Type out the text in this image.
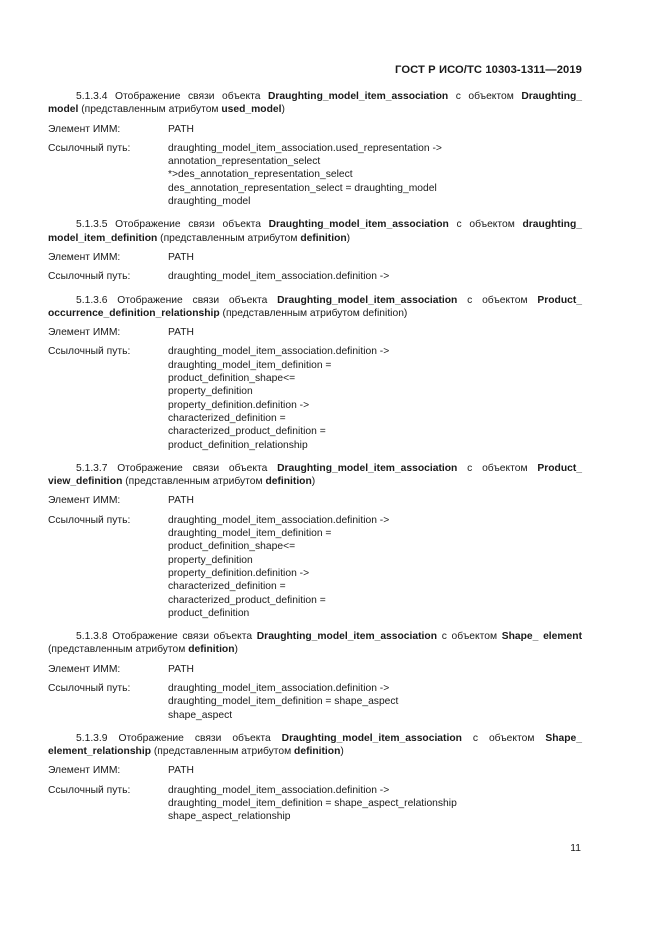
ГОСТ Р ИСО/ТС 10303-1311—2019
5.1.3.4 Отображение связи объекта Draughting_model_item_association с объектом Draughting_ model (представленным атрибутом used_model)
Элемент ИММ:	PATH
Ссылочный путь:	draughting_model_item_association.used_representation ->
annotation_representation_select
*>des_annotation_representation_select
des_annotation_representation_select = draughting_model
draughting_model
5.1.3.5 Отображение связи объекта Draughting_model_item_association с объектом draughting_ model_item_definition (представленным атрибутом definition)
Элемент ИММ:	PATH
Ссылочный путь:	draughting_model_item_association.definition ->
5.1.3.6 Отображение связи объекта Draughting_model_item_association с объектом Product_ occurrence_definition_relationship (представленным атрибутом definition)
Элемент ИММ:	PATH
Ссылочный путь:	draughting_model_item_association.definition ->
draughting_model_item_definition =
product_definition_shape<=
property_definition
property_definition.definition ->
characterized_definition =
characterized_product_definition =
product_definition_relationship
5.1.3.7 Отображение связи объекта Draughting_model_item_association с объектом Product_ view_definition (представленным атрибутом definition)
Элемент ИММ:	PATH
Ссылочный путь:	draughting_model_item_association.definition ->
draughting_model_item_definition =
product_definition_shape<=
property_definition
property_definition.definition ->
characterized_definition =
characterized_product_definition =
product_definition
5.1.3.8 Отображение связи объекта Draughting_model_item_association с объектом Shape_ element (представленным атрибутом definition)
Элемент ИММ:	PATH
Ссылочный путь:	draughting_model_item_association.definition ->
draughting_model_item_definition = shape_aspect
shape_aspect
5.1.3.9 Отображение связи объекта Draughting_model_item_association с объектом Shape_ element_relationship (представленным атрибутом definition)
Элемент ИММ:	PATH
Ссылочный путь:	draughting_model_item_association.definition ->
draughting_model_item_definition = shape_aspect_relationship
shape_aspect_relationship
11
